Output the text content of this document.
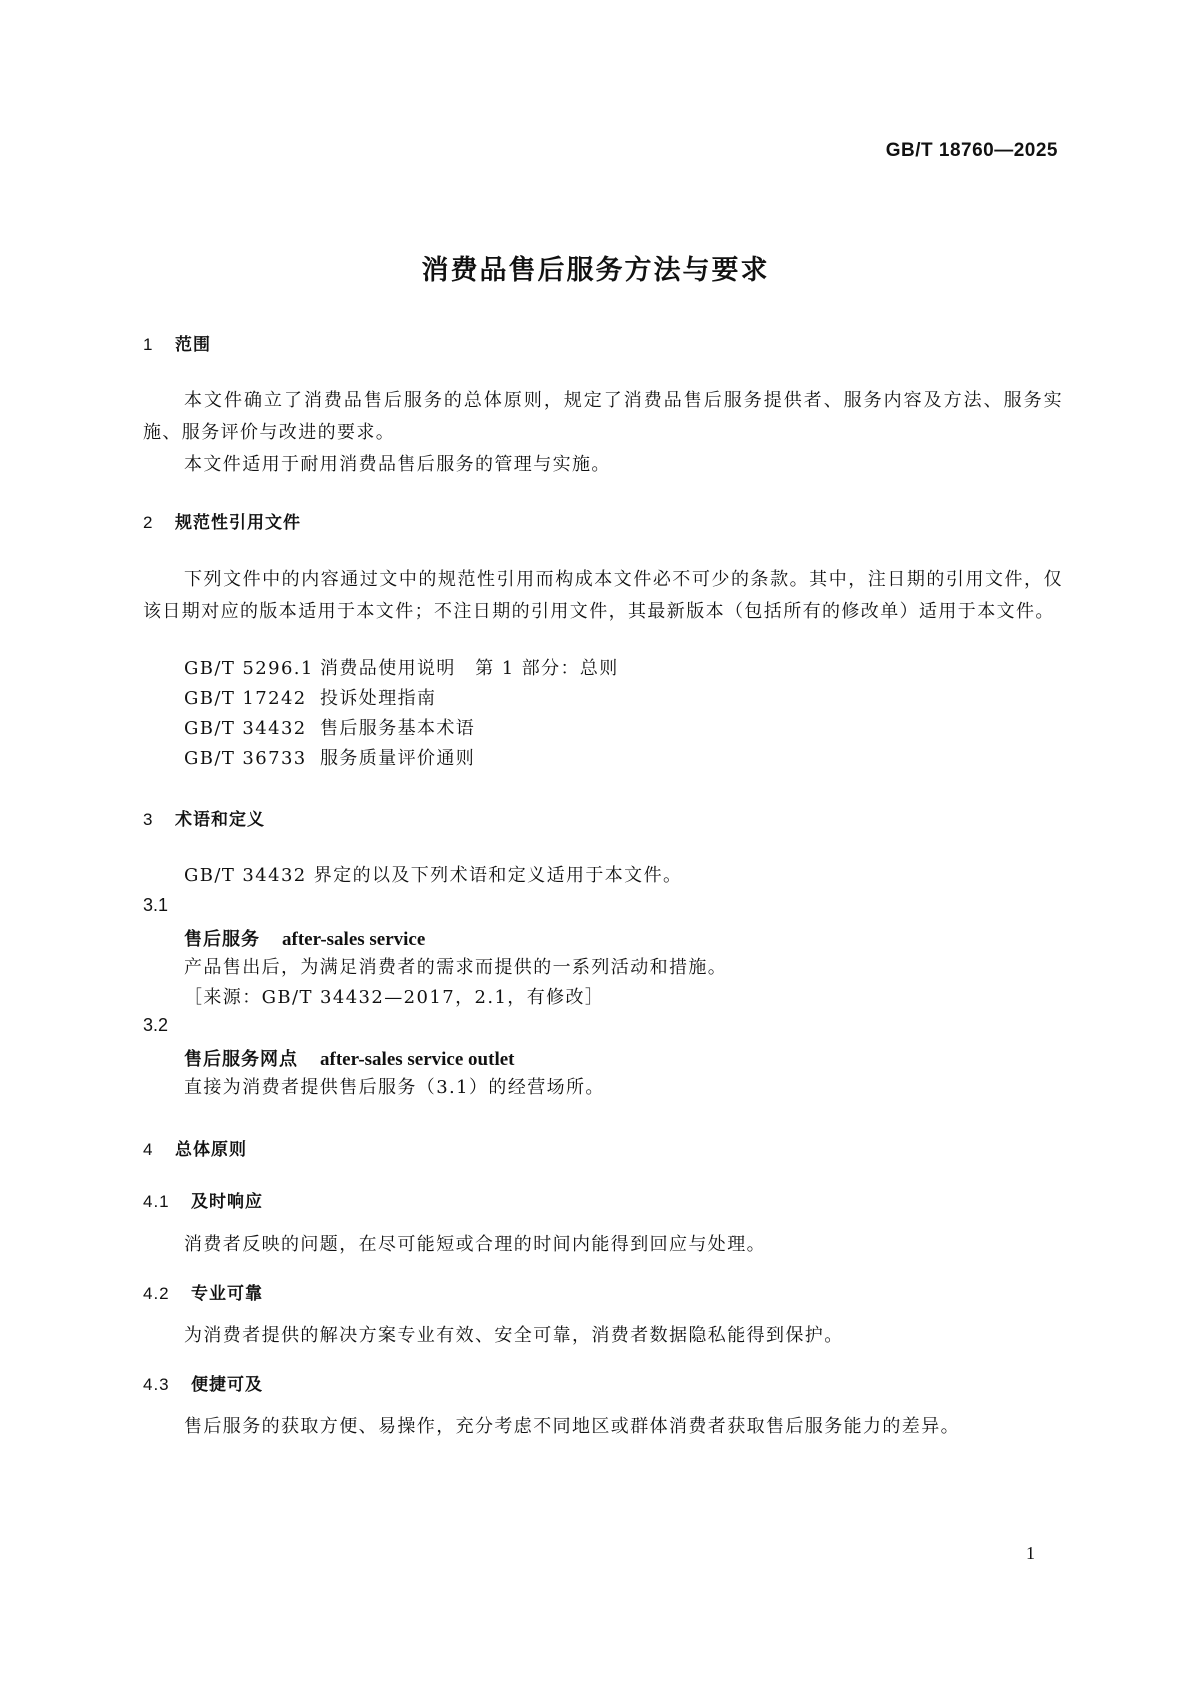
GB/T 18760—2025
消费品售后服务方法与要求
1 范围

本文件确立了消费品售后服务的总体原则，规定了消费品售后服务提供者、服务内容及方法、服务实施、服务评价与改进的要求。

本文件适用于耐用消费品售后服务的管理与实施。

2 规范性引用文件

下列文件中的内容通过文中的规范性引用而构成本文件必不可少的条款。其中，注日期的引用文件，仅该日期对应的版本适用于本文件；不注日期的引用文件，其最新版本（包括所有的修改单）适用于本文件。

GB/T 5296.1 消费品使用说明　第 1 部分：总则
GB/T 17242 投诉处理指南
GB/T 34432 售后服务基本术语
GB/T 36733 服务质量评价通则
3 术语和定义
GB/T 34432 界定的以及下列术语和定义适用于本文件。
3.1
售后服务 after-sales service
产品售出后，为满足消费者的需求而提供的一系列活动和措施。
［来源：GB/T 34432—2017，2.1，有修改］
3.2
售后服务网点 after-sales service outlet
直接为消费者提供售后服务（3.1）的经营场所。
4 总体原则
4.1 及时响应
消费者反映的问题，在尽可能短或合理的时间内能得到回应与处理。
4.2 专业可靠
为消费者提供的解决方案专业有效、安全可靠，消费者数据隐私能得到保护。
4.3 便捷可及
售后服务的获取方便、易操作，充分考虑不同地区或群体消费者获取售后服务能力的差异。
1
